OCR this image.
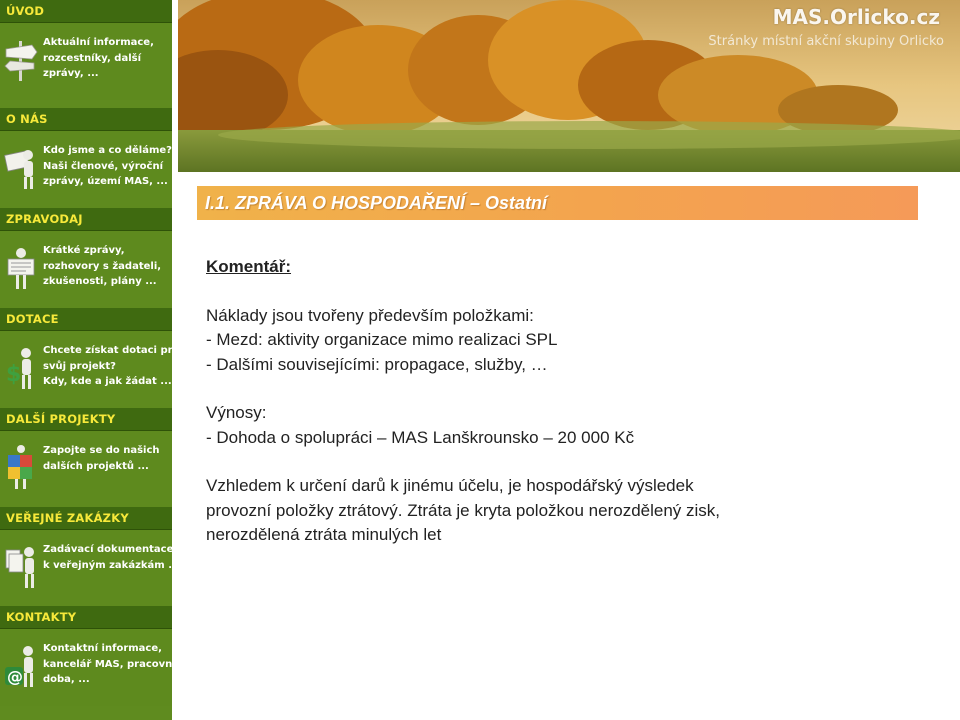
ÚVOD
Aktuální informace,
rozcestníky, další
zprávy, ...
O NÁS
Kdo jsme a co děláme?
Naši členové, výroční
zprávy, území MAS, ...
ZPRAVODAJ
Krátké zprávy,
rozhovory s žadateli,
zkušenosti, plány ...
DOTACE
$
Chcete získat dotaci pro
svůj projekt?
Kdy, kde a jak žádat ...
DALŠÍ PROJEKTY
Zapojte se do našich
dalších projektů ...
VEŘEJNÉ ZAKÁZKY
Zadávací dokumentace
k veřejným zakázkám ...
KONTAKTY
@
Kontaktní informace,
kancelář MAS, pracovní
doba, ...
MAS.Orlicko.cz
Stránky místní akční skupiny Orlicko
I.1. ZPRÁVA O HOSPODAŘENÍ – Ostatní
Komentář:
Náklady jsou tvořeny především položkami:
- Mezd: aktivity organizace mimo realizaci SPL
- Dalšími souvisejícími: propagace, služby, …
Výnosy:
- Dohoda o spolupráci – MAS Lanškrounsko – 20 000 Kč
Vzhledem k určení darů k jinému účelu, je hospodářský výsledek
provozní položky ztrátový. Ztráta je kryta položkou nerozdělený zisk,
nerozdělená ztráta minulých let
